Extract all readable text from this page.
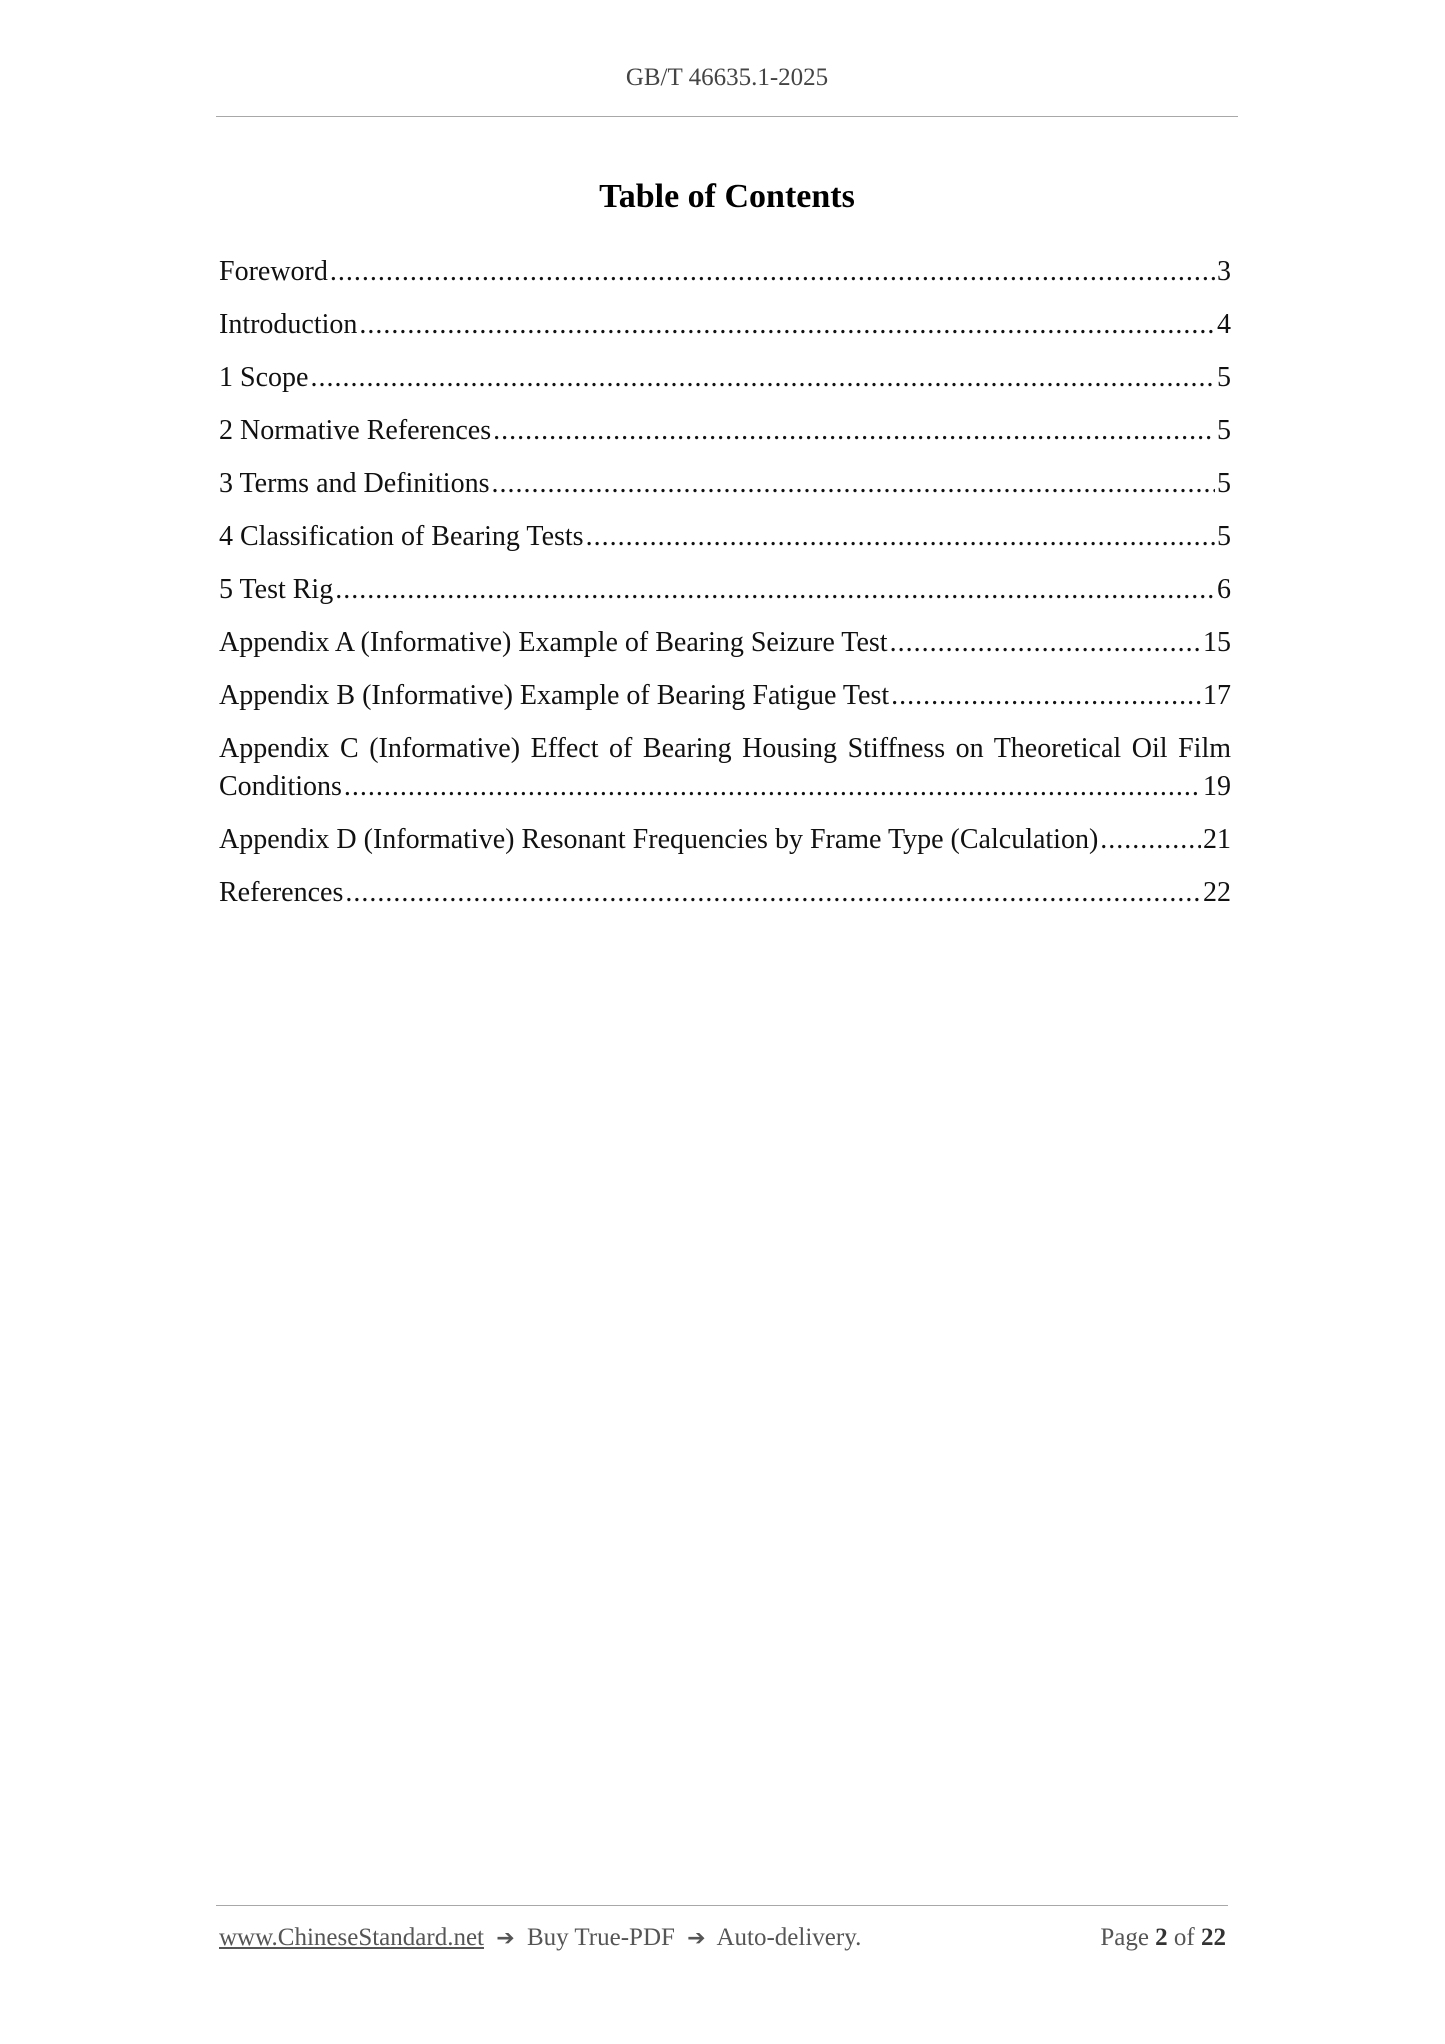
GB/T 46635.1-2025
Table of Contents
Foreword .....	3
Introduction .....	4
1 Scope .....	5
2 Normative References .....	5
3 Terms and Definitions .....	5
4 Classification of Bearing Tests .....	5
5 Test Rig .....	6
Appendix A (Informative) Example of Bearing Seizure Test .....	15
Appendix B (Informative) Example of Bearing Fatigue Test .....	17
Appendix C (Informative) Effect of Bearing Housing Stiffness on Theoretical Oil Film
Conditions .....	19
Appendix D (Informative) Resonant Frequencies by Frame Type (Calculation) .....	21
References .....	22
www.ChineseStandard.net ➔ Buy True-PDF ➔ Auto-delivery.	Page 2 of 22
